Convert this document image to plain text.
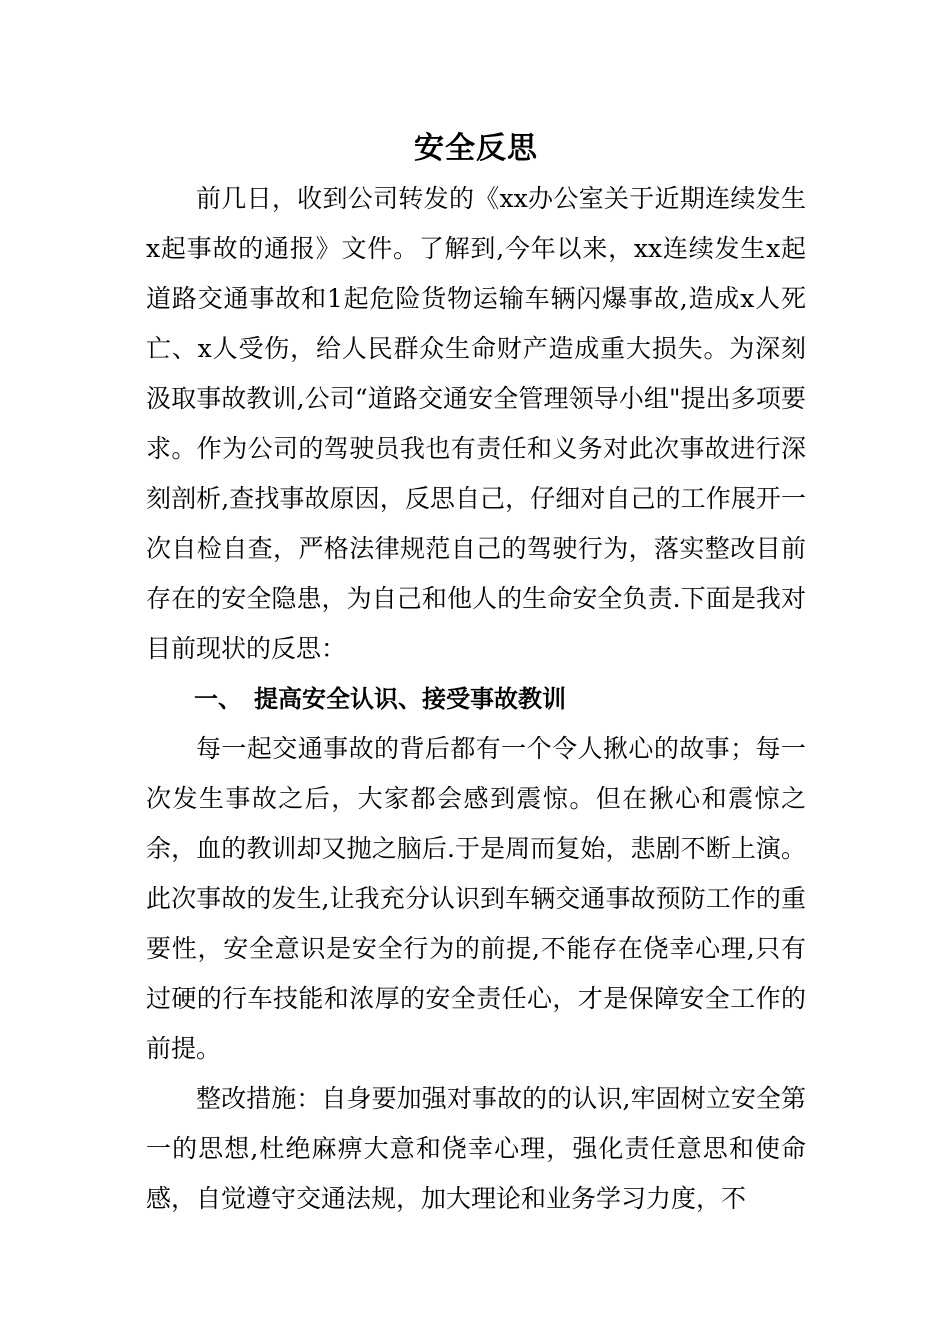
安全反思

前几日，收到公司转发的《xx办公室关于近期连续发生x起事故的通报》文件。了解到,今年以来，xx连续发生x起道路交通事故和1起危险货物运输车辆闪爆事故,造成x人死亡、x人受伤，给人民群众生命财产造成重大损失。为深刻汲取事故教训,公司“道路交通安全管理领导小组"提出多项要求。作为公司的驾驶员我也有责任和义务对此次事故进行深刻剖析,查找事故原因，反思自己，仔细对自己的工作展开一次自检自查，严格法律规范自己的驾驶行为，落实整改目前存在的安全隐患，为自己和他人的生命安全负责.下面是我对目前现状的反思：

一、 提高安全认识、接受事故教训

每一起交通事故的背后都有一个令人揪心的故事；每一次发生事故之后，大家都会感到震惊。但在揪心和震惊之余，血的教训却又抛之脑后.于是周而复始，悲剧不断上演。此次事故的发生,让我充分认识到车辆交通事故预防工作的重要性，安全意识是安全行为的前提,不能存在侥幸心理,只有过硬的行车技能和浓厚的安全责任心，才是保障安全工作的前提。

整改措施：自身要加强对事故的的认识,牢固树立安全第一的思想,杜绝麻痹大意和侥幸心理，强化责任意思和使命感，自觉遵守交通法规，加大理论和业务学习力度，不
